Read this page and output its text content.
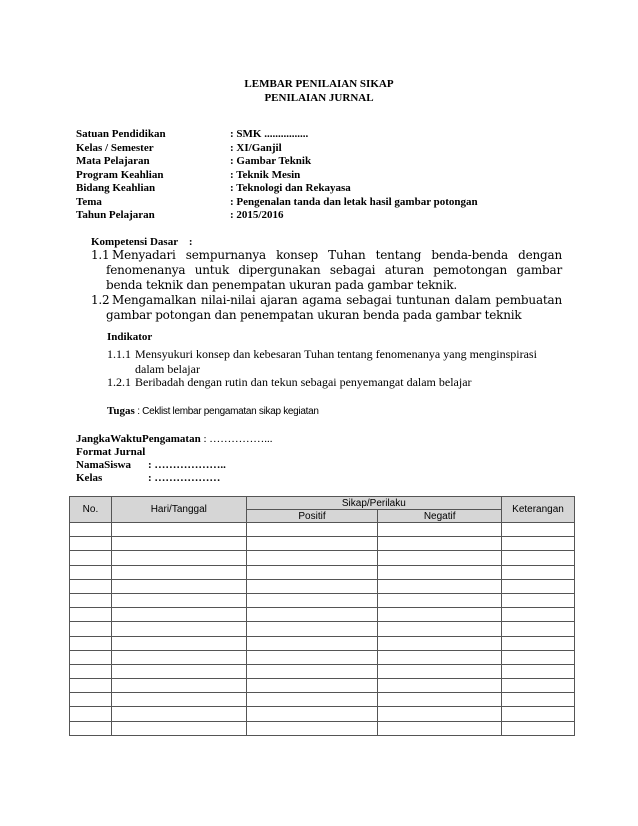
LEMBAR PENILAIAN SIKAP
PENILAIAN JURNAL
Satuan Pendidikan	: SMK ................
Kelas / Semester	: XI/Ganjil
Mata Pelajaran	: Gambar Teknik
Program Keahlian	: Teknik Mesin
Bidang Keahlian	: Teknologi dan Rekayasa
Tema	: Pengenalan tanda dan letak hasil gambar potongan
Tahun Pelajaran	: 2015/2016
Kompetensi Dasar    :
1.1 Menyadari sempurnanya konsep Tuhan tentang benda-benda dengan fenomenanya untuk dipergunakan sebagai aturan pemotongan gambar benda teknik dan penempatan ukuran pada gambar teknik.
1.2 Mengamalkan nilai-nilai ajaran agama sebagai tuntunan dalam pembuatan gambar potongan dan penempatan ukuran benda pada gambar teknik
Indikator
1.1.1 Mensyukuri konsep dan kebesaran Tuhan tentang fenomenanya yang menginspirasi dalam belajar
1.2.1 Beribadah dengan rutin dan tekun sebagai penyemangat dalam belajar
Tugas : Ceklist lembar pengamatan sikap kegiatan
JangkaWaktuPengamatan : ……………...
Format Jurnal
NamaSiswa : ………………..
Kelas	: ………………
No.	Hari/Tanggal	Sikap/Perilaku		Keterangan
		Positif	Negatif	
